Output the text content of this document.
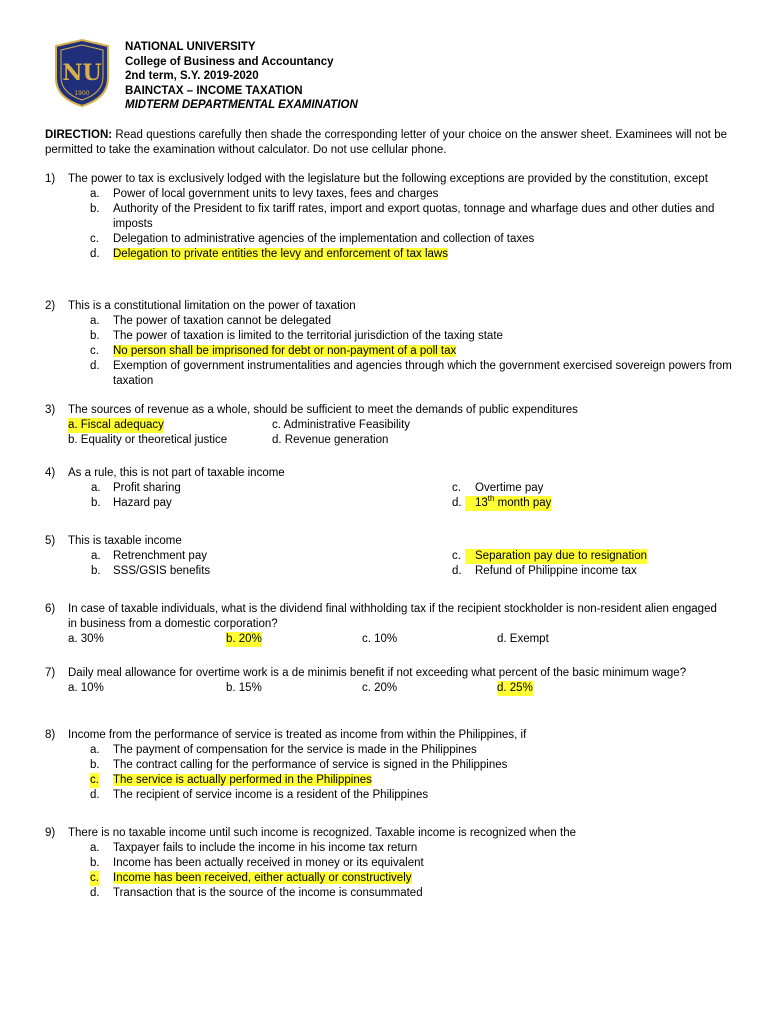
NU
1900
NATIONAL UNIVERSITY
College of Business and Accountancy
2nd term, S.Y. 2019-2020
BAINCTAX – INCOME TAXATION
MIDTERM DEPARTMENTAL EXAMINATION
DIRECTION: Read questions carefully then shade the corresponding letter of your choice on the answer sheet. Examinees will not be permitted to take the examination without calculator. Do not use cellular phone.
1) The power to tax is exclusively lodged with the legislature but the following exceptions are provided by the constitution, except
a. Power of local government units to levy taxes, fees and charges
b. Authority of the President to fix tariff rates, import and export quotas, tonnage and wharfage dues and other duties and imposts
c. Delegation to administrative agencies of the implementation and collection of taxes
d. Delegation to private entities the levy and enforcement of tax laws
2) This is a constitutional limitation on the power of taxation
a. The power of taxation cannot be delegated
b. The power of taxation is limited to the territorial jurisdiction of the taxing state
c. No person shall be imprisoned for debt or non-payment of a poll tax
d. Exemption of government instrumentalities and agencies through which the government exercised sovereign powers from taxation
3) The sources of revenue as a whole, should be sufficient to meet the demands of public expenditures
a. Fiscal adequacy	c. Administrative Feasibility
b. Equality or theoretical justice	d. Revenue generation
4) As a rule, this is not part of taxable income
a. Profit sharing	c. Overtime pay
b. Hazard pay	d.	13th month pay
5) This is taxable income
a. Retrenchment pay	c.	Separation pay due to resignation
b. SSS/GSIS benefits	d. Refund of Philippine income tax
6) In case of taxable individuals, what is the dividend final withholding tax if the recipient stockholder is non-resident alien engaged in business from a domestic corporation?
a. 30%	b. 20%	c. 10%	d. Exempt
7) Daily meal allowance for overtime work is a de minimis benefit if not exceeding what percent of the basic minimum wage?
a. 10%	b. 15%	c. 20%	d. 25%
8) Income from the performance of service is treated as income from within the Philippines, if
a. The payment of compensation for the service is made in the Philippines
b. The contract calling for the performance of service is signed in the Philippines
c. The service is actually performed in the Philippines
d. The recipient of service income is a resident of the Philippines
9) There is no taxable income until such income is recognized. Taxable income is recognized when the
a. Taxpayer fails to include the income in his income tax return
b. Income has been actually received in money or its equivalent
c. Income has been received, either actually or constructively
d. Transaction that is the source of the income is consummated
